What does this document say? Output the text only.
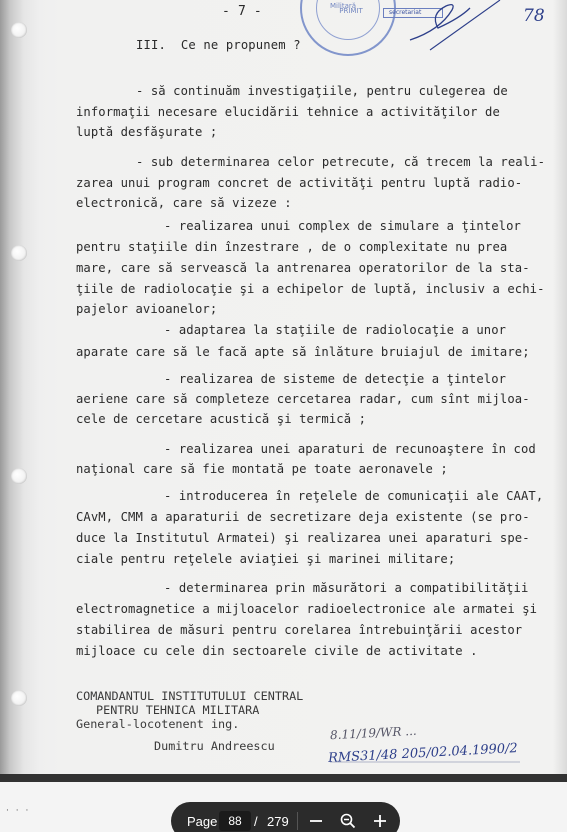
PRIMIT
Militară
secretariat	78
- 7 -
III.  Ce ne propunem ?
- să continuăm investigaţiile, pentru culegerea de
informaţii necesare elucidării tehnice a activităţilor de
luptă desfăşurate ;
- sub determinarea celor petrecute, că trecem la reali-
zarea unui program concret de activităţi pentru luptă radio-
electronică, care să vizeze :
- realizarea unui complex de simulare a ţintelor
pentru staţiile din înzestrare , de o complexitate nu prea
mare, care să servească la antrenarea operatorilor de la sta-
ţiile de radiolocaţie şi a echipelor de luptă, inclusiv a echi-
pajelor avioanelor;
- adaptarea la staţiile de radiolocaţie a unor
aparate care să le facă apte să înlăture bruiajul de imitare;
- realizarea de sisteme de detecţie a ţintelor
aeriene care să completeze cercetarea radar, cum sînt mijloa-
cele de cercetare acustică şi termică ;
- realizarea unei aparaturi de recunoaştere în cod
naţional care să fie montată pe toate aeronavele ;
- introducerea în reţelele de comunicaţii ale CAAT,
CAvM, CMM a aparaturii de secretizare deja existente (se pro-
duce la Institutul Armatei) şi realizarea unei aparaturi spe-
ciale pentru reţelele aviaţiei şi marinei militare;
- determinarea prin măsurători a compatibilităţii
electromagnetice a mijloacelor radioelectronice ale armatei şi
stabilirea de măsuri pentru corelarea întrebuinţării acestor
mijloace cu cele din sectoarele civile de activitate .
COMANDANTUL INSTITUTULUI CENTRAL
PENTRU TEHNICA MILITARA
General-locotenent ing.
Dumitru Andreescu
8.11/19/WR ...
RMS31/48 205/02.04.1990/2
· · ·
Page 88 / 279
